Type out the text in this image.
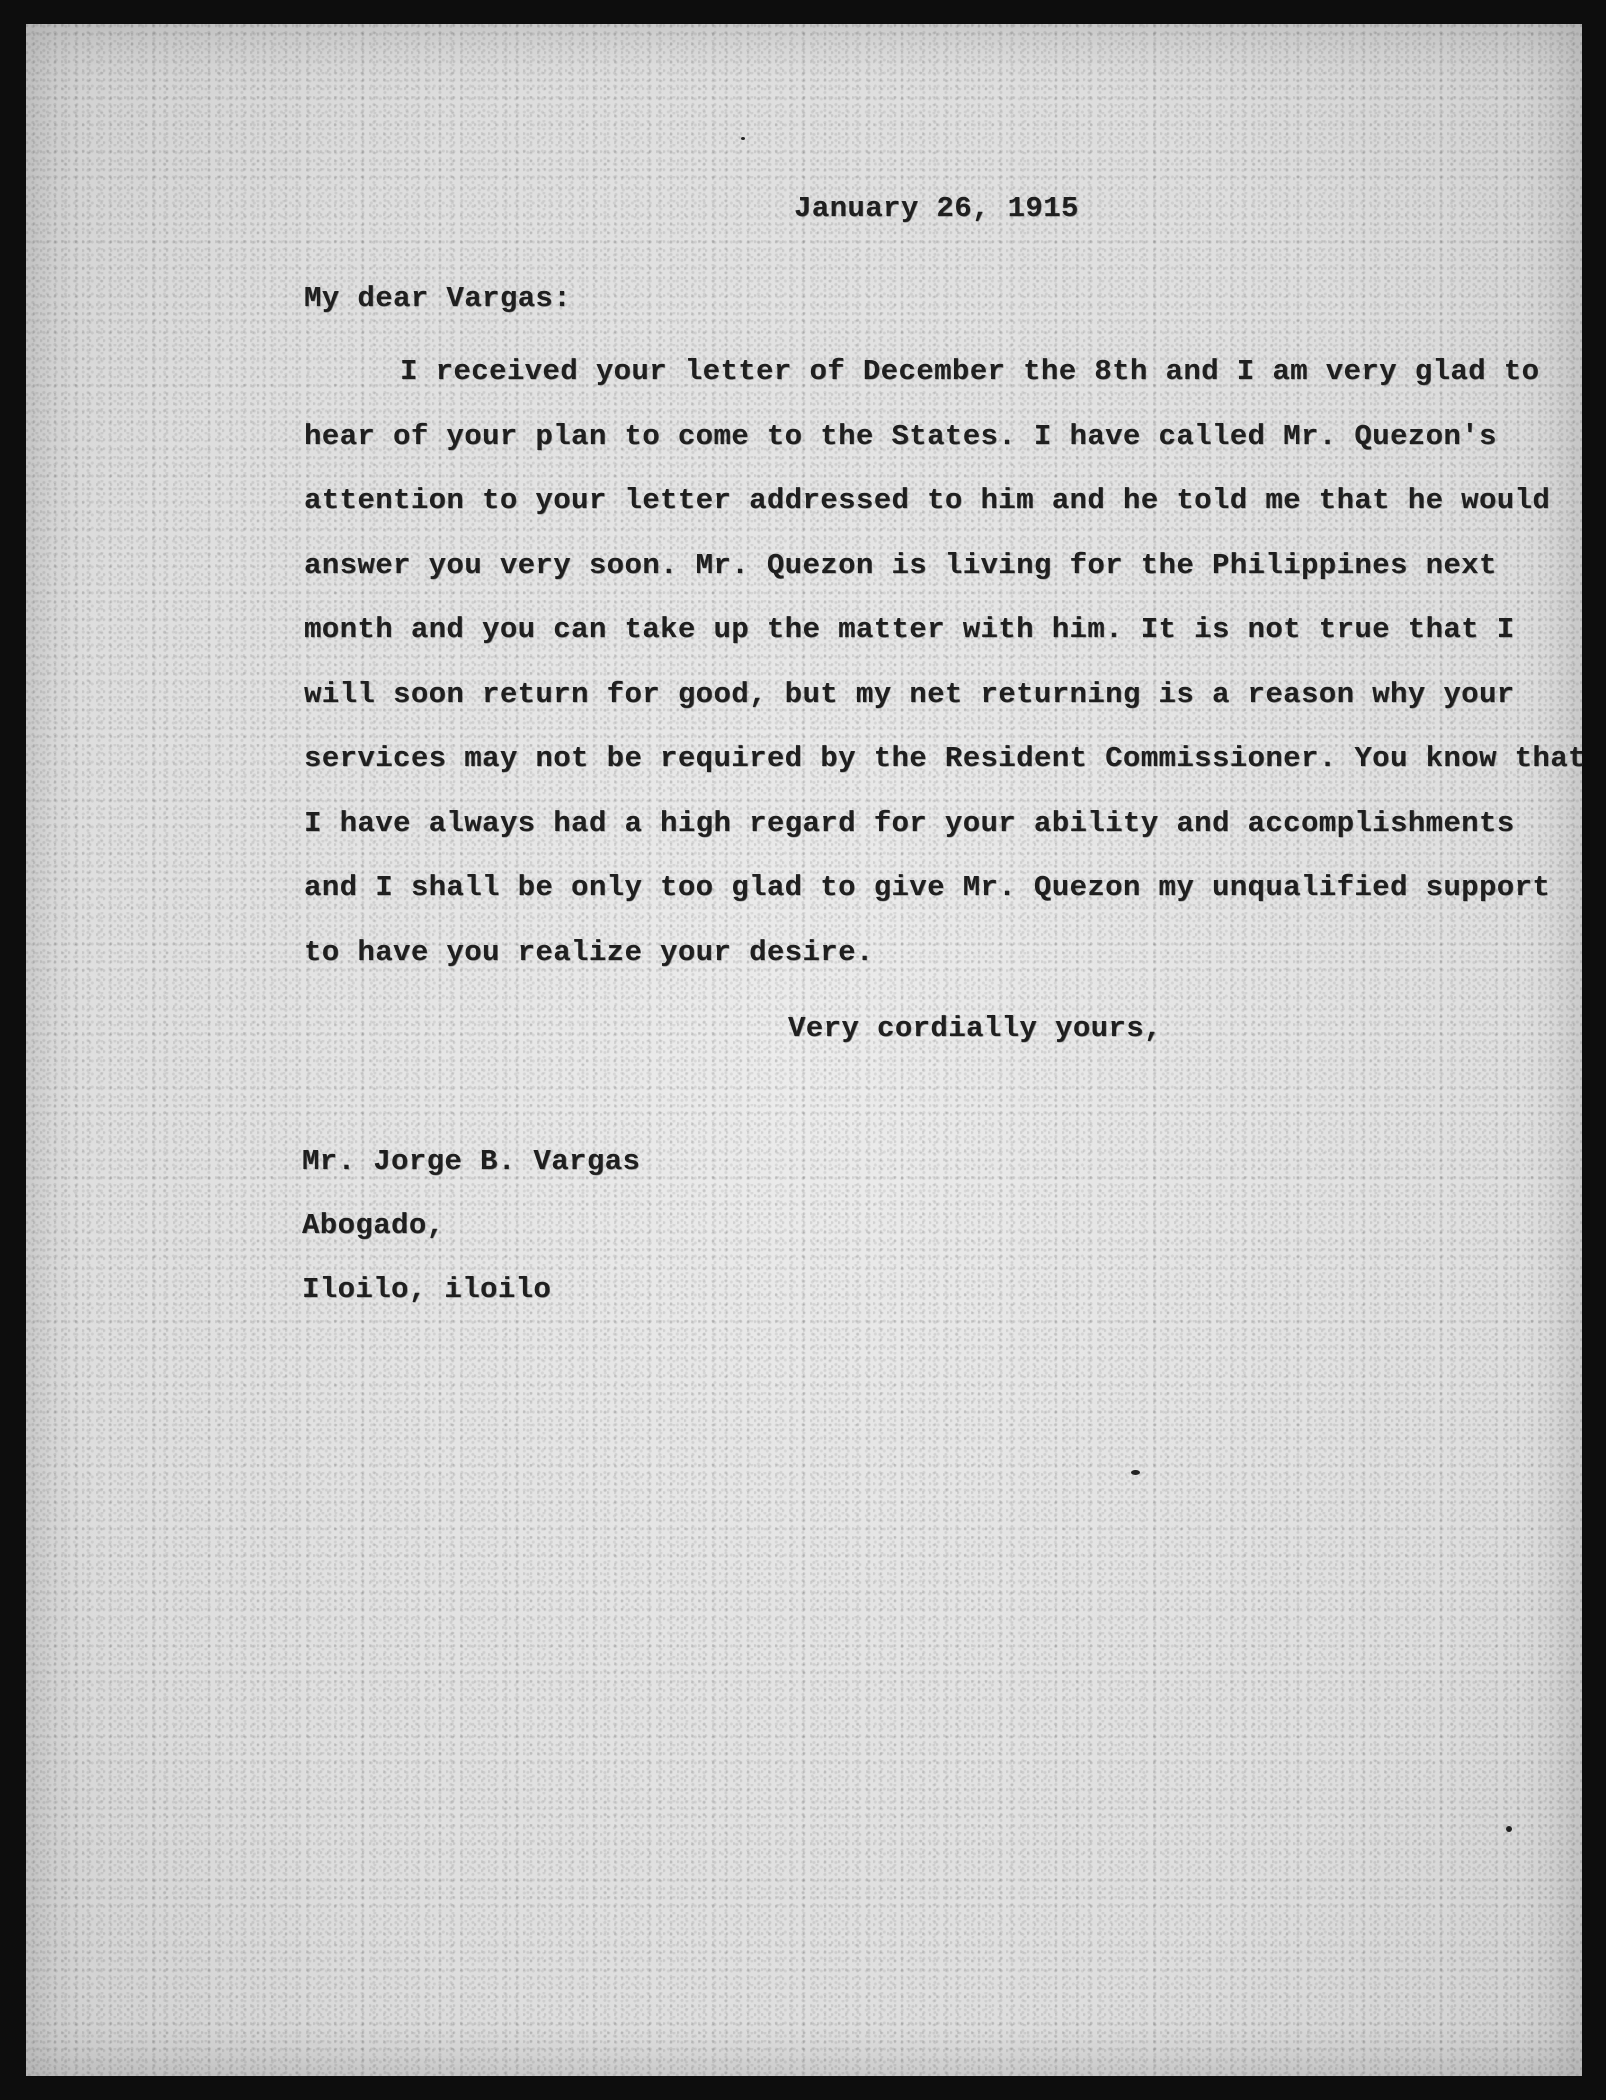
January 26, 1915
My dear Vargas:
I received your letter of December the 8th and I am very glad to
hear of your plan to come to the States. I have called Mr. Quezon's
attention to your letter addressed to him and he told me that he would
answer you very soon. Mr. Quezon is living for the Philippines next
month and you can take up the matter with him. It is not true that I
will soon return for good, but my net returning is a reason why your
services may not be required by the Resident Commissioner. You know that
I have always had a high regard for your ability and accomplishments
and I shall be only too glad to give Mr. Quezon my unqualified support
to have you realize your desire.
Very cordially yours,
Mr. Jorge B. Vargas
Abogado,
Iloilo, iloilo
